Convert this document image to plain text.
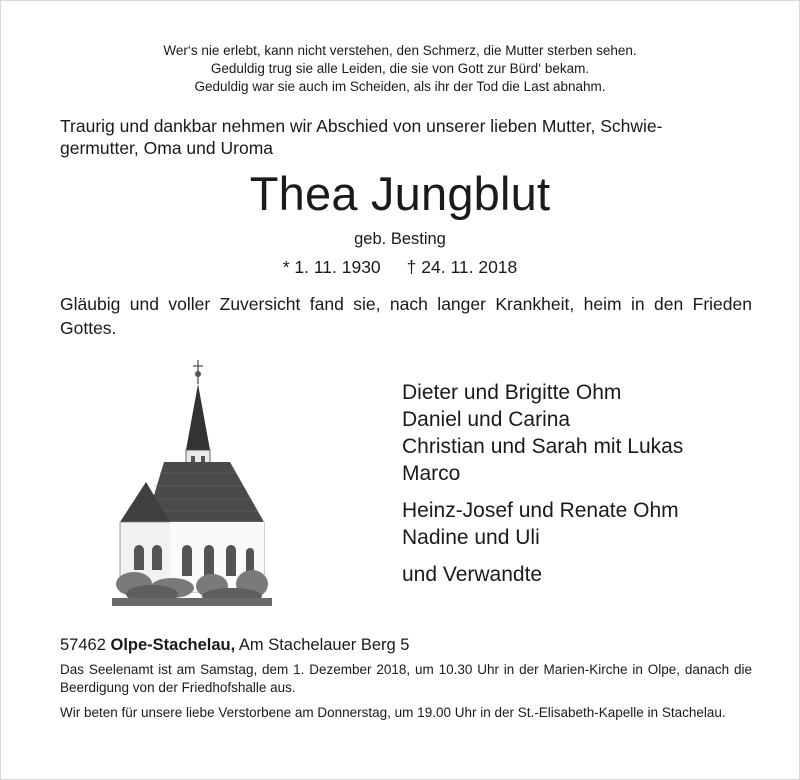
Wer‘s nie erlebt, kann nicht verstehen, den Schmerz, die Mutter sterben sehen.
Geduldig trug sie alle Leiden, die sie von Gott zur Bürd‘ bekam.
Geduldig war sie auch im Scheiden, als ihr der Tod die Last abnahm.
Traurig und dankbar nehmen wir Abschied von unserer lieben Mutter, Schwie-
germutter, Oma und Uroma
Thea Jungblut
geb. Besting
* 1. 11. 1930 † 24. 11. 2018
Gläubig und voller Zuversicht fand sie, nach langer Krankheit, heim in den Frieden Gottes.
Dieter und Brigitte Ohm
Daniel und Carina
Christian und Sarah mit Lukas
Marco
Heinz-Josef und Renate Ohm
Nadine und Uli
und Verwandte
57462 Olpe-Stachelau, Am Stachelauer Berg 5

Das Seelenamt ist am Samstag, dem 1. Dezember 2018, um 10.30 Uhr in der Marien-Kirche in Olpe, danach die Beerdigung von der Friedhofshalle aus.

Wir beten für unsere liebe Verstorbene am Donnerstag, um 19.00 Uhr in der St.-Elisabeth-Kapelle in Stachelau.
